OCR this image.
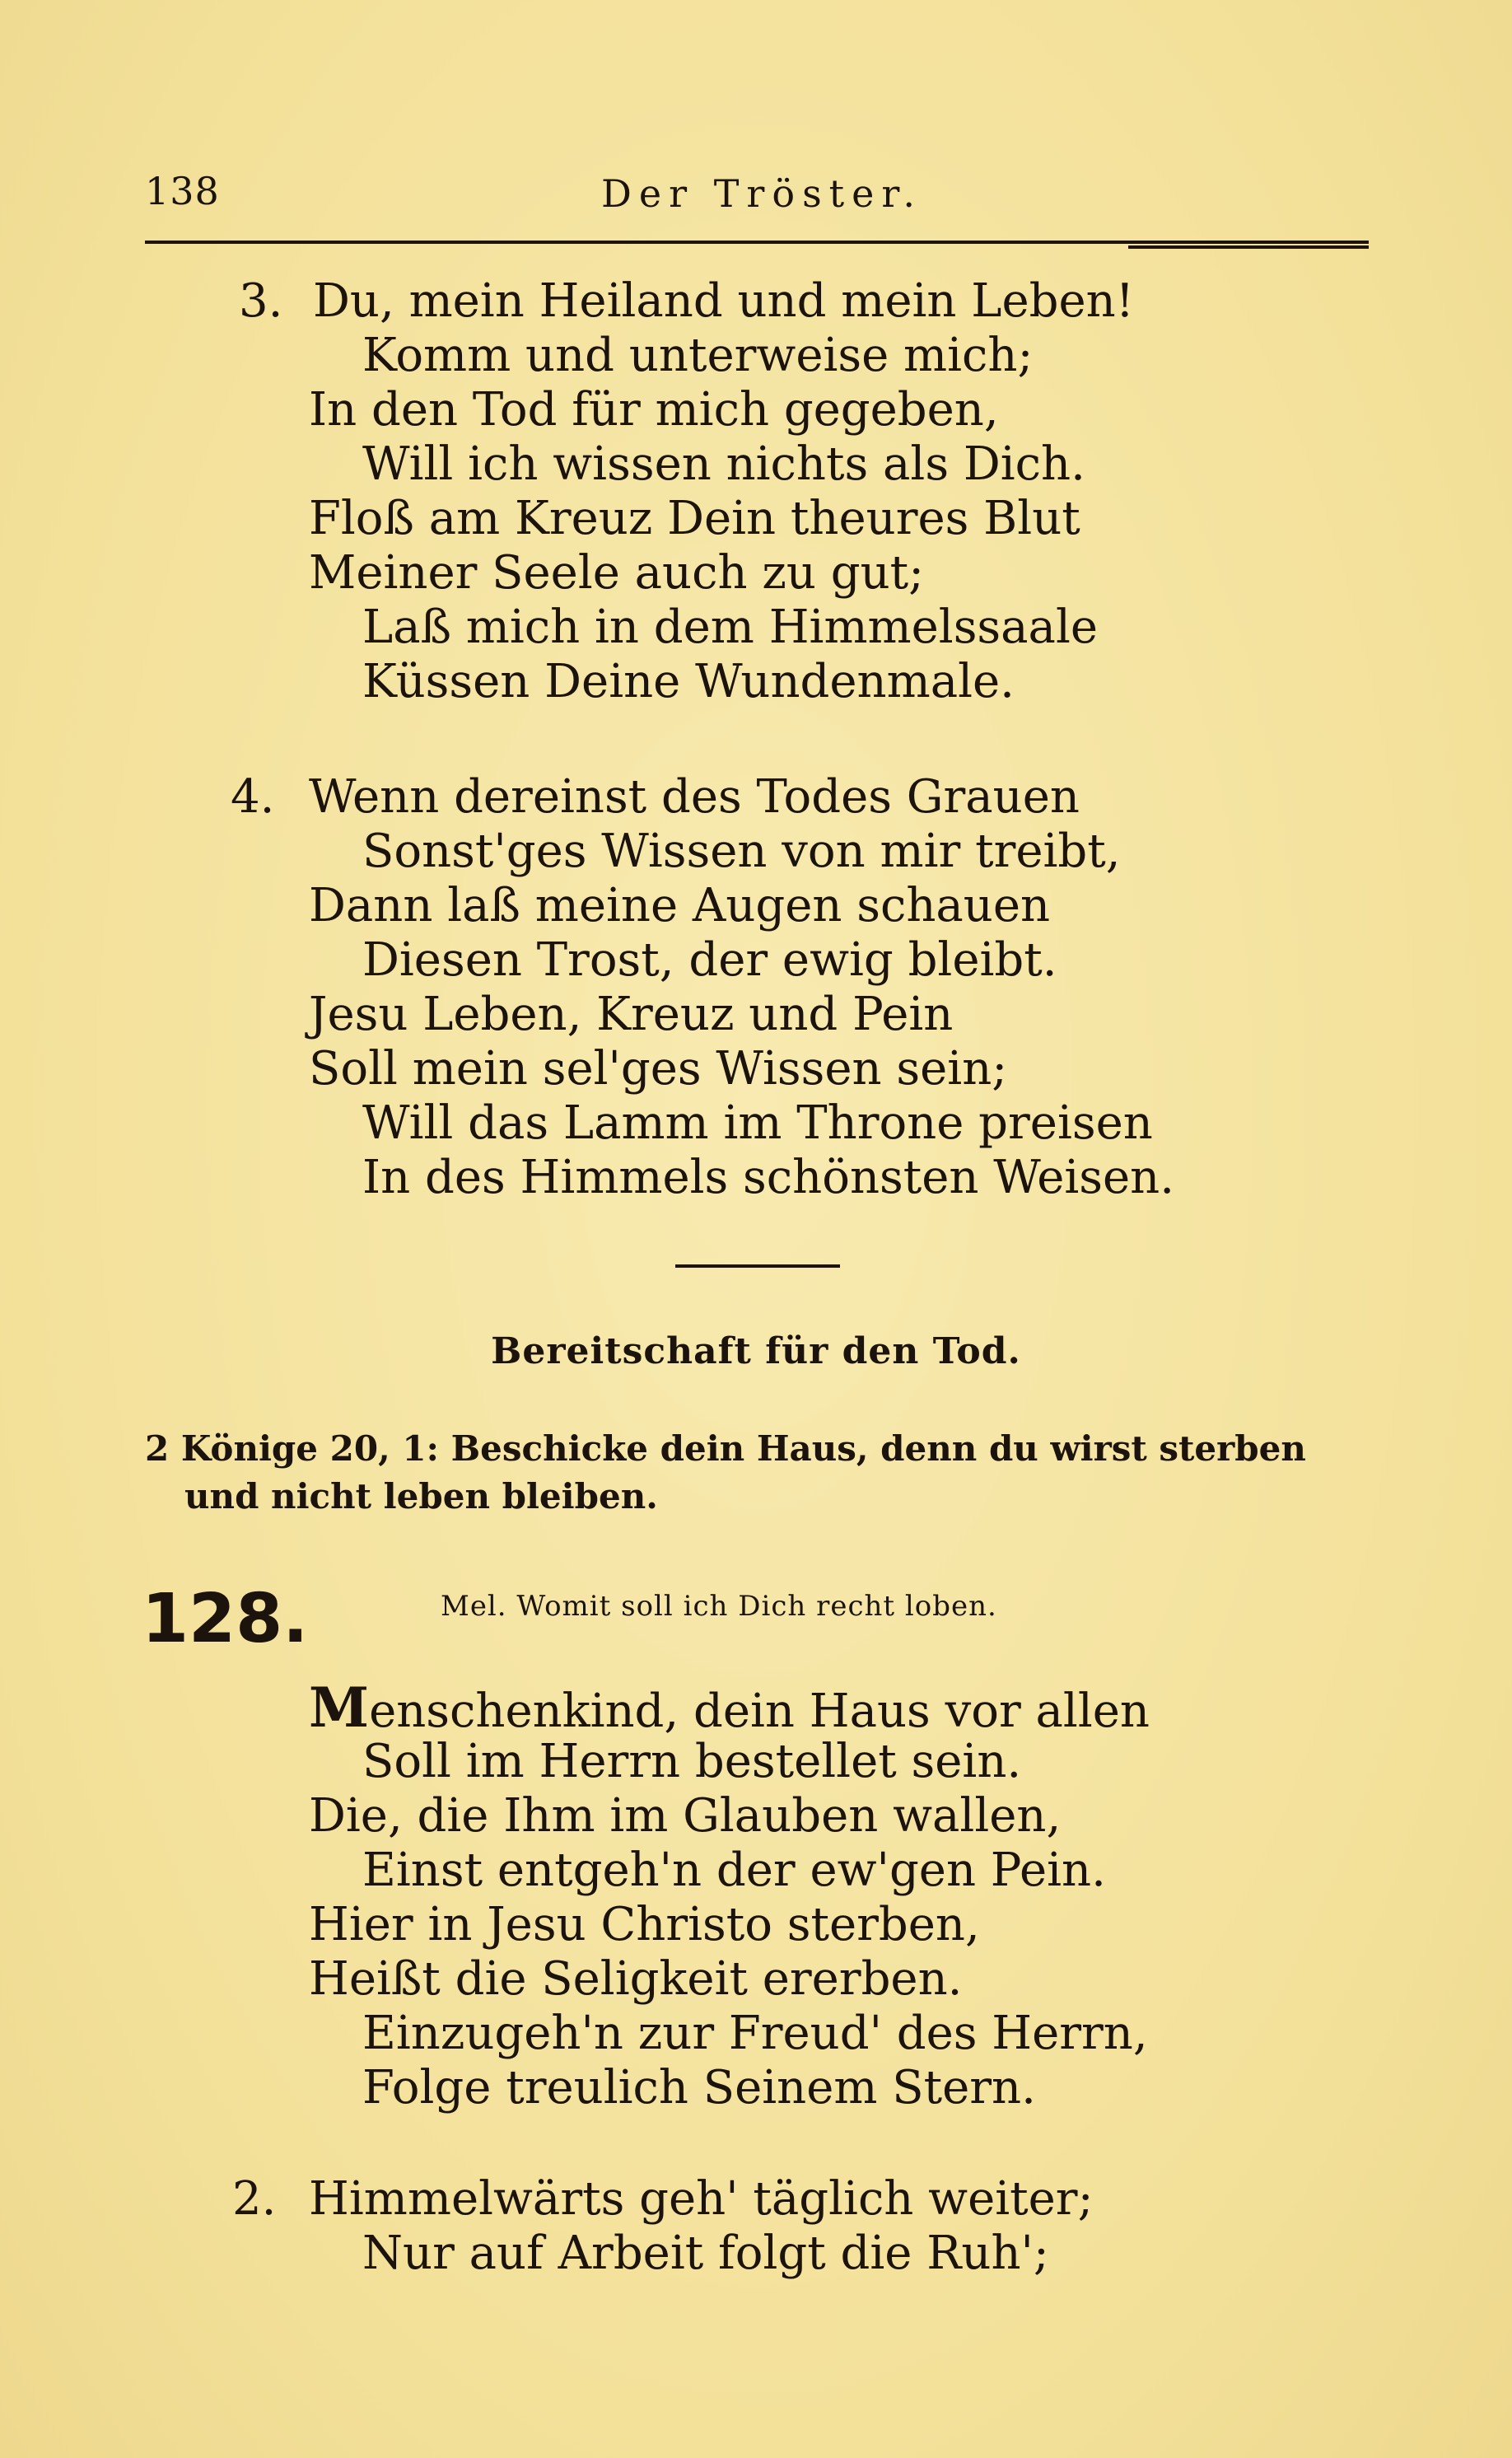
138	Der Tröster.
3. Du, mein Heiland und mein Leben!
Komm und unterweise mich;
In den Tod für mich gegeben,
Will ich wissen nichts als Dich.
Floß am Kreuz Dein theures Blut
Meiner Seele auch zu gut;
Laß mich in dem Himmelssaale
Küssen Deine Wundenmale.
4. Wenn dereinst des Todes Grauen
Sonst'ges Wissen von mir treibt,
Dann laß meine Augen schauen
Diesen Trost, der ewig bleibt.
Jesu Leben, Kreuz und Pein
Soll mein sel'ges Wissen sein;
Will das Lamm im Throne preisen
In des Himmels schönsten Weisen.
Bereitschaft für den Tod.
2 Könige 20, 1: Beschicke dein Haus, denn du wirst sterben
und nicht leben bleiben.
128.	Mel. Womit soll ich Dich recht loben.
Menschenkind, dein Haus vor allen
Soll im Herrn bestellet sein.
Die, die Ihm im Glauben wallen,
Einst entgeh'n der ew'gen Pein.
Hier in Jesu Christo sterben,
Heißt die Seligkeit ererben.
Einzugeh'n zur Freud' des Herrn,
Folge treulich Seinem Stern.
2. Himmelwärts geh' täglich weiter;
Nur auf Arbeit folgt die Ruh';
